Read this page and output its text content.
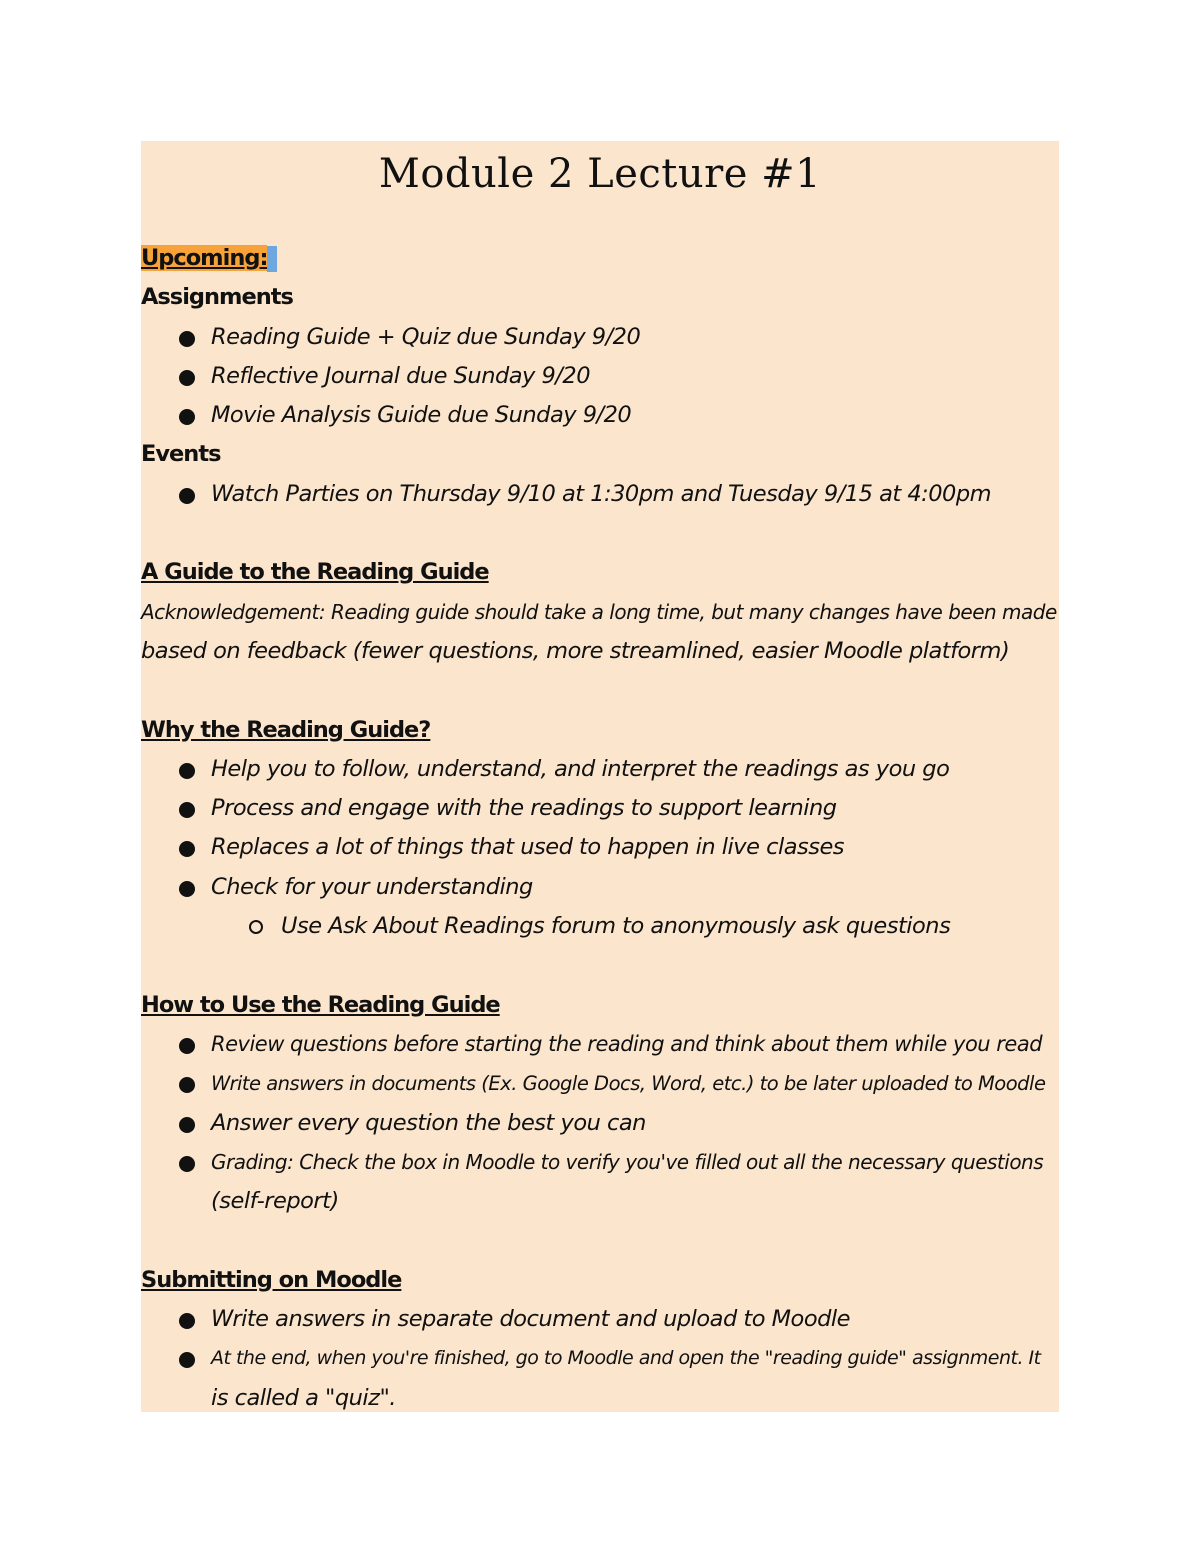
Module 2 Lecture #1
Upcoming:
Assignments
Reading Guide + Quiz due Sunday 9/20
Reflective Journal due Sunday 9/20
Movie Analysis Guide due Sunday 9/20
Events
Watch Parties on Thursday 9/10 at 1:30pm and Tuesday 9/15 at 4:00pm
A Guide to the Reading Guide
Acknowledgement: Reading guide should take a long time, but many changes have been made
based on feedback (fewer questions, more streamlined, easier Moodle platform)
Why the Reading Guide?
Help you to follow, understand, and interpret the readings as you go
Process and engage with the readings to support learning
Replaces a lot of things that used to happen in live classes
Check for your understanding
Use Ask About Readings forum to anonymously ask questions
How to Use the Reading Guide
Review questions before starting the reading and think about them while you read
Write answers in documents (Ex. Google Docs, Word, etc.) to be later uploaded to Moodle
Answer every question the best you can
Grading: Check the box in Moodle to verify you've filled out all the necessary questions
(self-report)
Submitting on Moodle
Write answers in separate document and upload to Moodle
At the end, when you're finished, go to Moodle and open the "reading guide" assignment. It
is called a "quiz".
